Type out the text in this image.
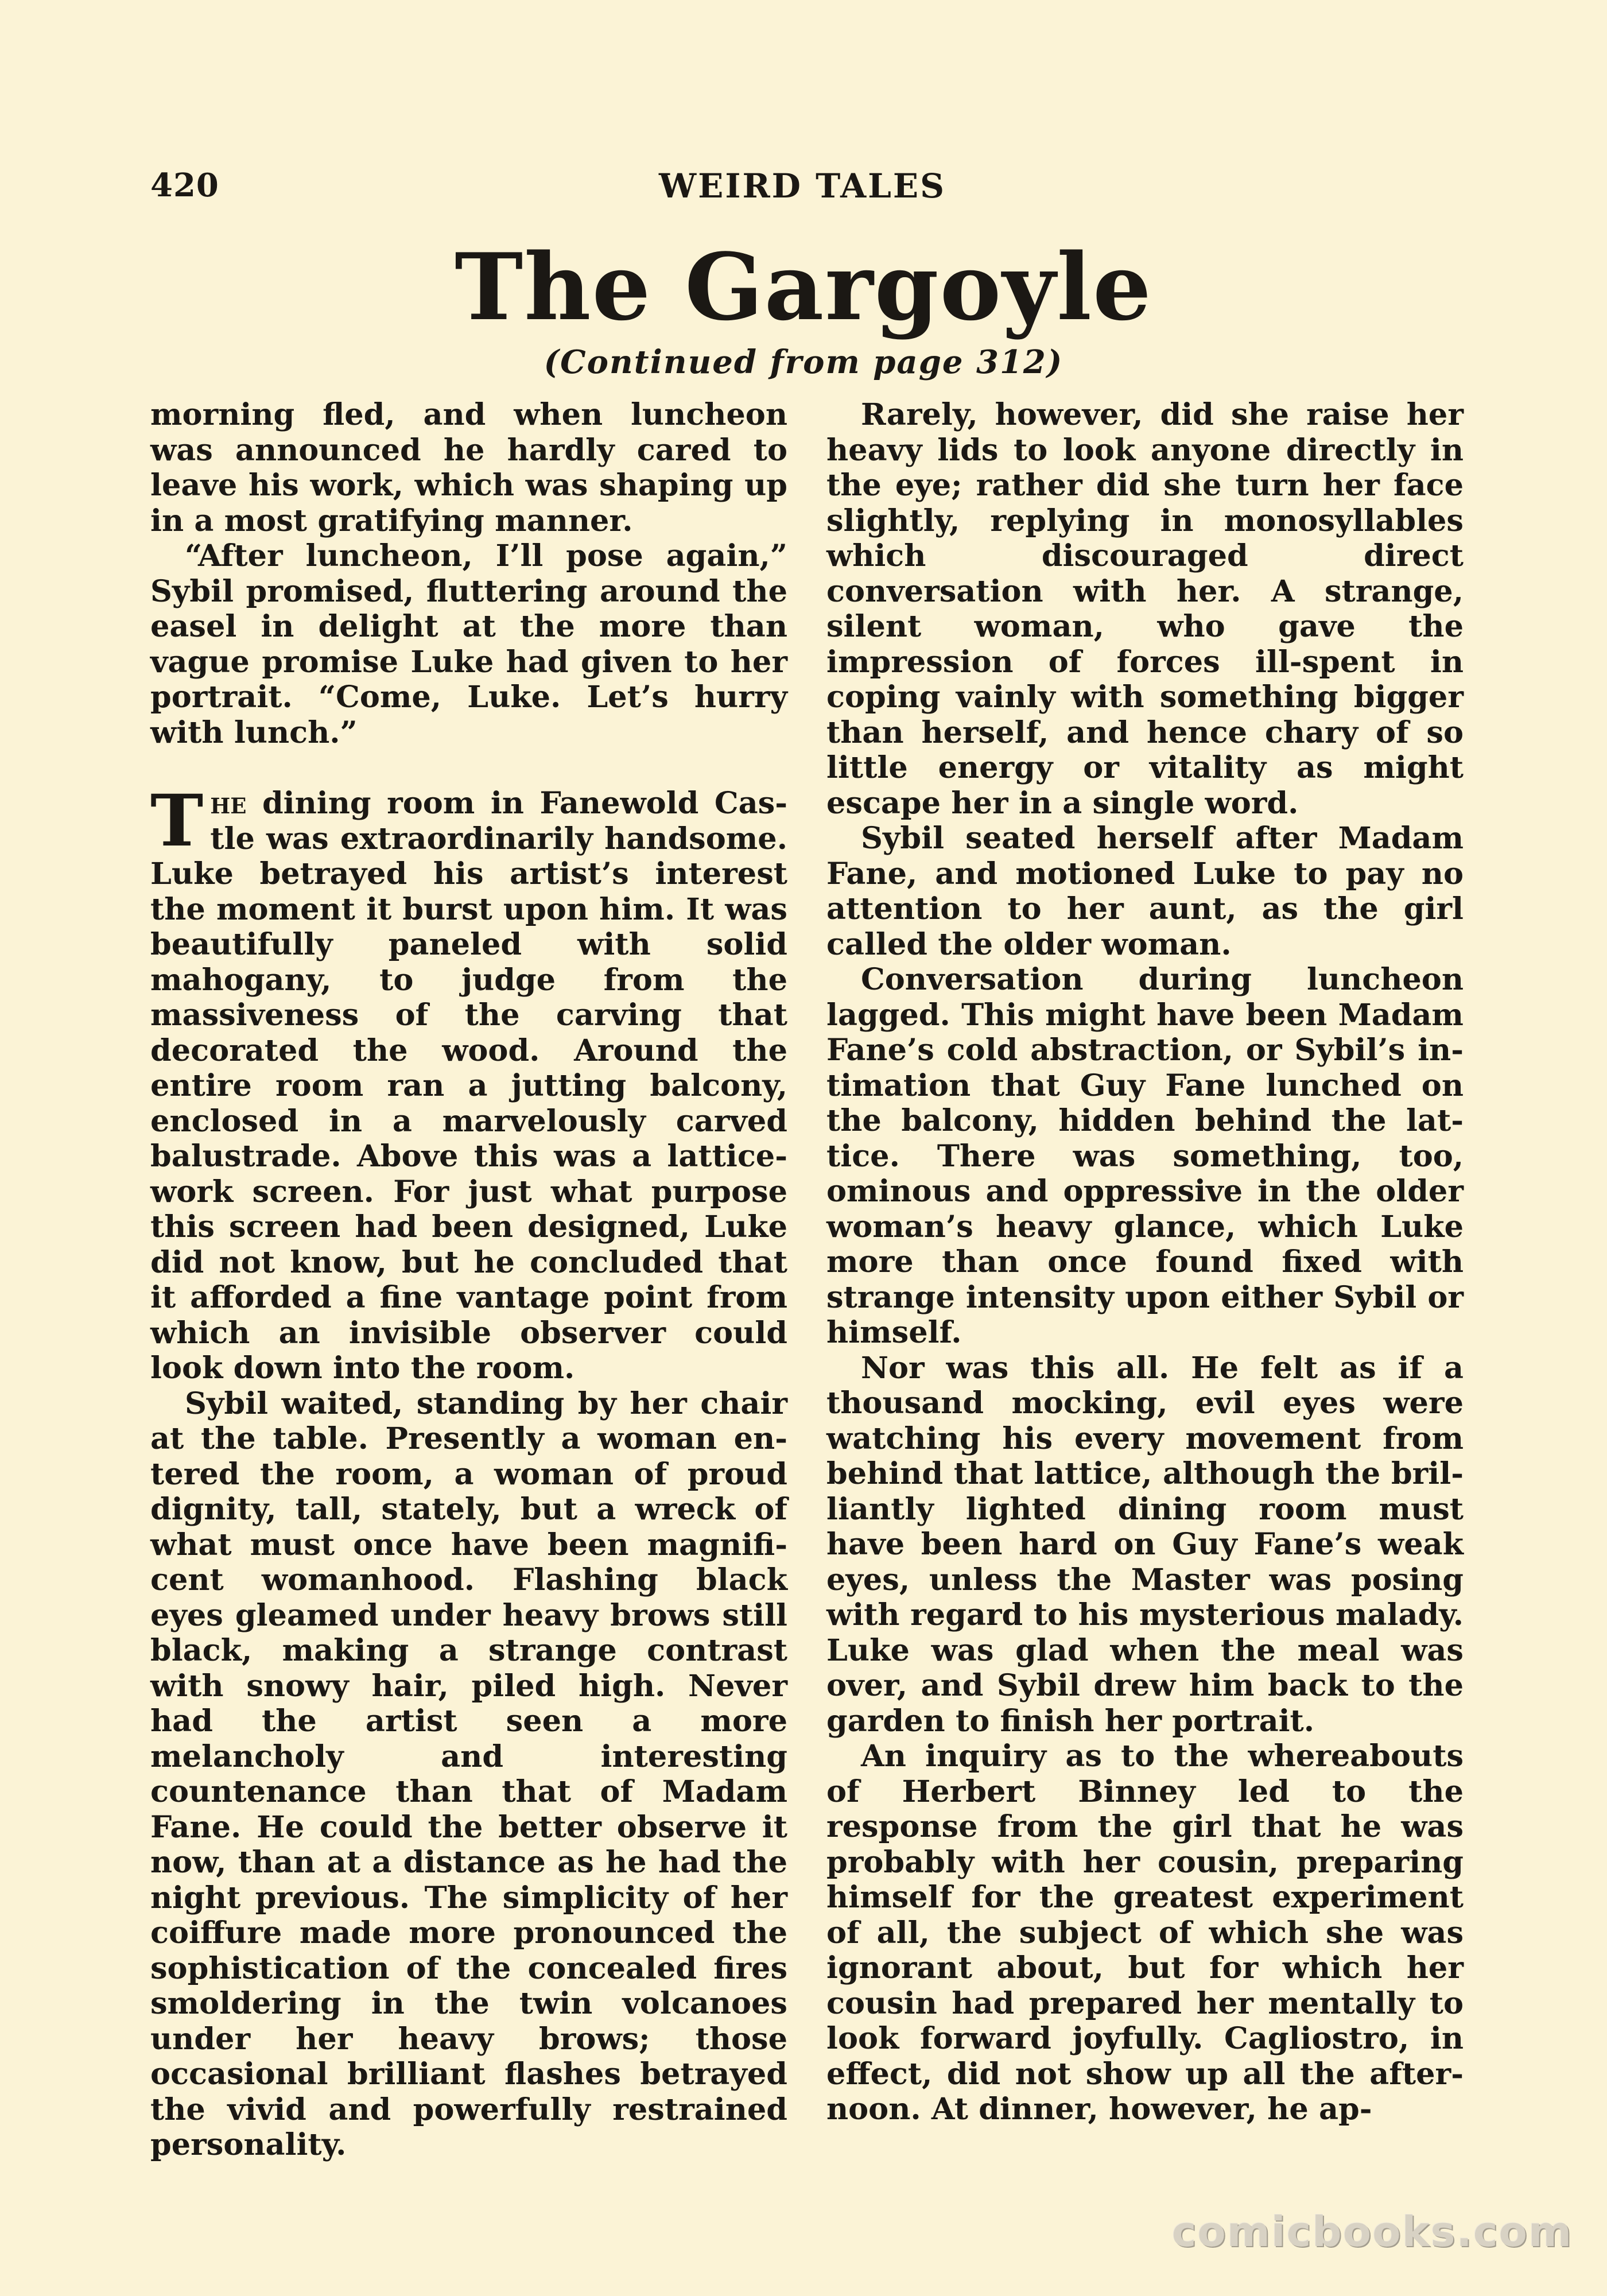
420	WEIRD TALES
The Gargoyle
(Continued from page 312)

morning fled, and when luncheon was announced he hardly cared to leave his work, which was shaping up in a most gratifying manner.

“After luncheon, I’ll pose again,” Sybil promised, fluttering around the easel in delight at the more than vague promise Luke had given to her portrait. “Come, Luke. Let’s hurry with lunch.”

The dining room in Fanewold Castle was extraordinarily handsome. Luke betrayed his artist’s interest the moment it burst upon him. It was beautifully paneled with solid mahogany, to judge from the massiveness of the carving that decorated the wood. Around the entire room ran a jutting balcony, enclosed in a marvelously carved balustrade. Above this was a lattice-work screen. For just what purpose this screen had been designed, Luke did not know, but he concluded that it afforded a fine vantage point from which an invisible observer could look down into the room.

Sybil waited, standing by her chair at the table. Presently a woman entered the room, a woman of proud dignity, tall, stately, but a wreck of what must once have been magnificent womanhood. Flashing black eyes gleamed under heavy brows still black, making a strange contrast with snowy hair, piled high. Never had the artist seen a more melancholy and interesting countenance than that of Madam Fane. He could the better observe it now, than at a distance as he had the night previous. The simplicity of her coiffure made more pronounced the sophistication of the concealed fires smoldering in the twin volcanoes under her heavy brows; those occasional brilliant flashes betrayed the vivid and powerfully restrained personality.

Rarely, however, did she raise her heavy lids to look anyone directly in the eye; rather did she turn her face slightly, replying in monosyllables which discouraged direct conversation with her. A strange, silent woman, who gave the impression of forces ill-spent in coping vainly with something bigger than herself, and hence chary of so little energy or vitality as might escape her in a single word.

Sybil seated herself after Madam Fane, and motioned Luke to pay no attention to her aunt, as the girl called the older woman.

Conversation during luncheon lagged. This might have been Madam Fane’s cold abstraction, or Sybil’s intimation that Guy Fane lunched on the balcony, hidden behind the lattice. There was something, too, ominous and oppressive in the older woman’s heavy glance, which Luke more than once found fixed with strange intensity upon either Sybil or himself.

Nor was this all. He felt as if a thousand mocking, evil eyes were watching his every movement from behind that lattice, although the brilliantly lighted dining room must have been hard on Guy Fane’s weak eyes, unless the Master was posing with regard to his mysterious malady. Luke was glad when the meal was over, and Sybil drew him back to the garden to finish her portrait.

An inquiry as to the whereabouts of Herbert Binney led to the response from the girl that he was probably with her cousin, preparing himself for the greatest experiment of all, the subject of which she was ignorant about, but for which her cousin had prepared her mentally to look forward joyfully. Cagliostro, in effect, did not show up all the afternoon. At dinner, however, he ap-

comicbooks.com
